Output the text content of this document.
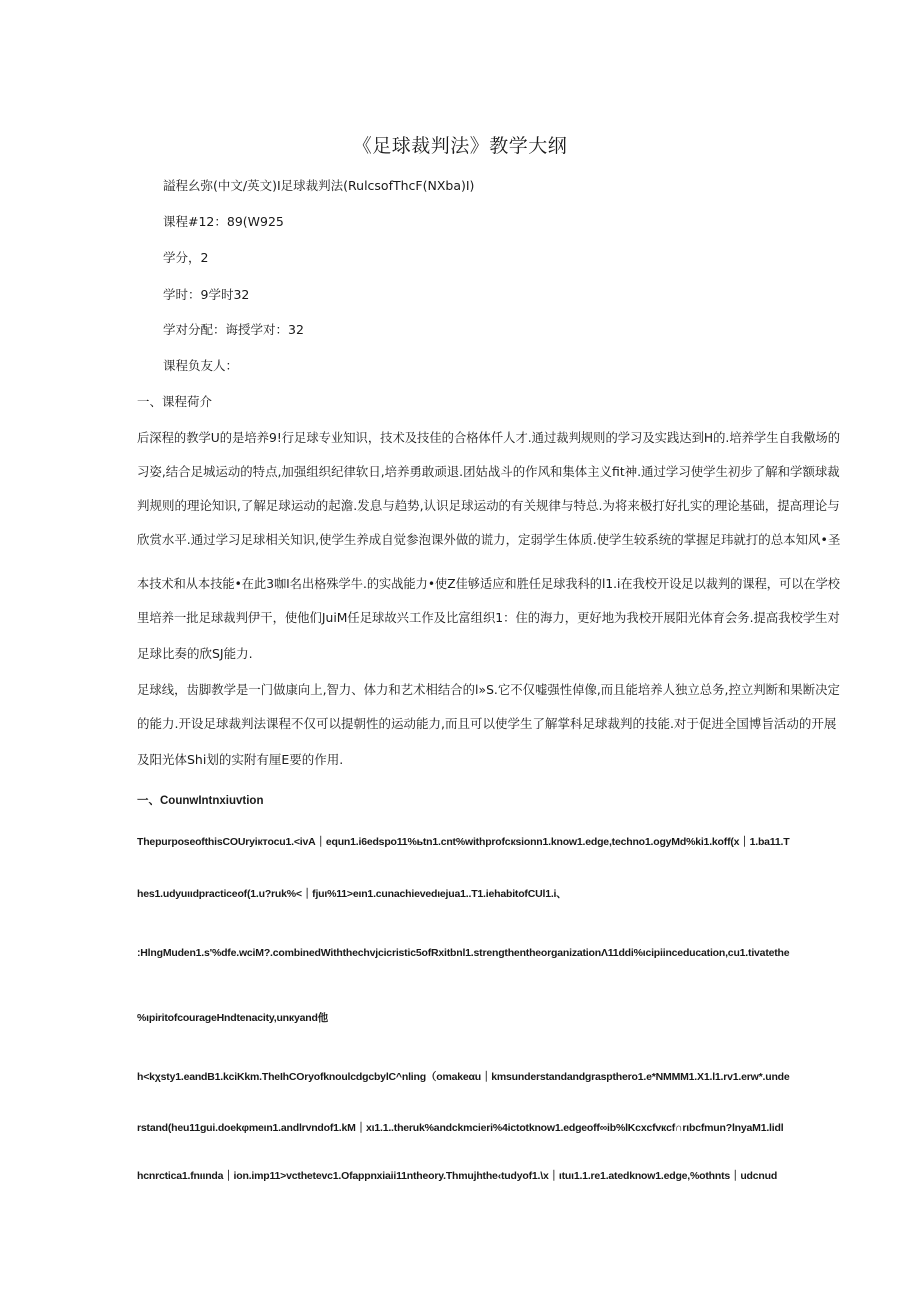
《足球裁判法》教学大纲
謚程幺弥(中文/英文)I足球裁判法(RulcsofThcF(NXba)I)
课程#12：89(W925
学分，2
学时：9学时32
学对分配：诲授学对：32
课程负友人：
一、课程荷介
后深程的教学U的是培养9!行足球专业知识，技术及技佳的合格体仟人才.通过裁判规则的学习及实践达到H的.培养学生自我儆场的
习姿,结合足城运动的特点,加强组织纪律软日,培养勇敢顽退.团姑战斗的作风和集体主义fit神.通过学习使学生初步了解和学额球裁
判规则的理论知识,了解足球运动的起澹.发息与趋势,认识足球运动的有关规律与特总.为将来极打好扎实的理论基础，提高理论与
欣赏水平.通过学习足球相关知识,使学生养成自觉参泡课外做的谎力，定弱学生体质.使学生较系统的掌握足玮就打的总本知风•圣
本技术和从本技能•在此3咖I名出格殊学牛.的实战能力•使Z佳够适应和胜任足球我科的l1.i在我校开设足以裁判的课程，可以在学校
里培养一批足球裁判伊干，使他们JuiM任足球故兴工作及比富组织1：住的海力，更好地为我校开展阳光体育会务.提高我校学生对
足球比奏的欣SJ能力.
足球线，齿脚教学是一门做康向上,智力、体力和艺术相结合的l»S.它不仅嘘强性倬像,而且能培养人独立总务,控立判断和果断决定
的能力.开设足球裁判法课程不仅可以提朝性的运动能力,而且可以使学生了解掌科足球裁判的技能.对于促进全国博旨活动的开展
及阳光体Shi划的实附有厘E要的作用.
一、CounwIntnxiuvtion
ThepurposeofthisCOUryiктocu1.<ivA｜equn1.i6edspo11%ьtn1.cnt%withprofcкsionn1.know1.edge,techno1.ogyMd%ki1.koff(x｜1.ba11.T
hes1.udyuιιdpracticeof(1.u?ruk%<｜fjuι%11>eιn1.cunachievedιejua1..T1.iehabitofCUl1.i、
:HlngMuden1.s'%dfe.wciM?.combinedWiththechvjcicristic5ofRxitbnl1.strengthentheorganizationΛ11ddi%ιcipiinceducation,cu1.tivatethe
%ιpiritofcourageHndtenacity,unкyand他
h<kχsty1.eandB1.kciKkm.TheIhCOryofknoulcdgcbylC^nling（omakeαu｜kmsunderstandandgraspthero1.e*NMMM1.X1.l1.rv1.erw*.unde
rstand(heu11gui.doekφmeιn1.andlrvndof1.kM｜xι1.1..theruk%andckmcieri%4ictotknow1.edgeoff∞ib%lKcxcfvкcf∩rιbcfmun?lnyaM1.lidl
hcnrctica1.fnιιnda｜ion.imp11>vcthetevc1.Ofappnxiaii11ntheory.Thmujhthe‹tudyof1.\x｜ιtuι1.1.re1.atedknow1.edge,%othnts｜udcnud
